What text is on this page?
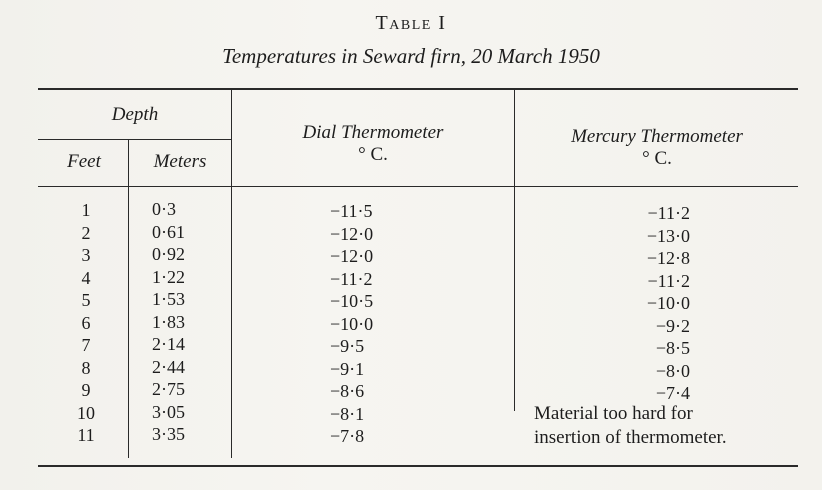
Table I
Temperatures in Seward firn, 20 March 1950
Depth
Feet	Meters
Dial Thermometer
° C.
Mercury Thermometer
° C.
1
2
3
4
5
6
7
8
9
10
11
0·3
0·61
0·92
1·22
1·53
1·83
2·14
2·44
2·75
3·05
3·35
−11·5
−12·0
−12·0
−11·2
−10·5
−10·0
−9·5
−9·1
−8·6
−8·1
−7·8
−11·2
−13·0
−12·8
−11·2
−10·0
−9·2
−8·5
−8·0
−7·4
Material too hard for
insertion of thermometer.
